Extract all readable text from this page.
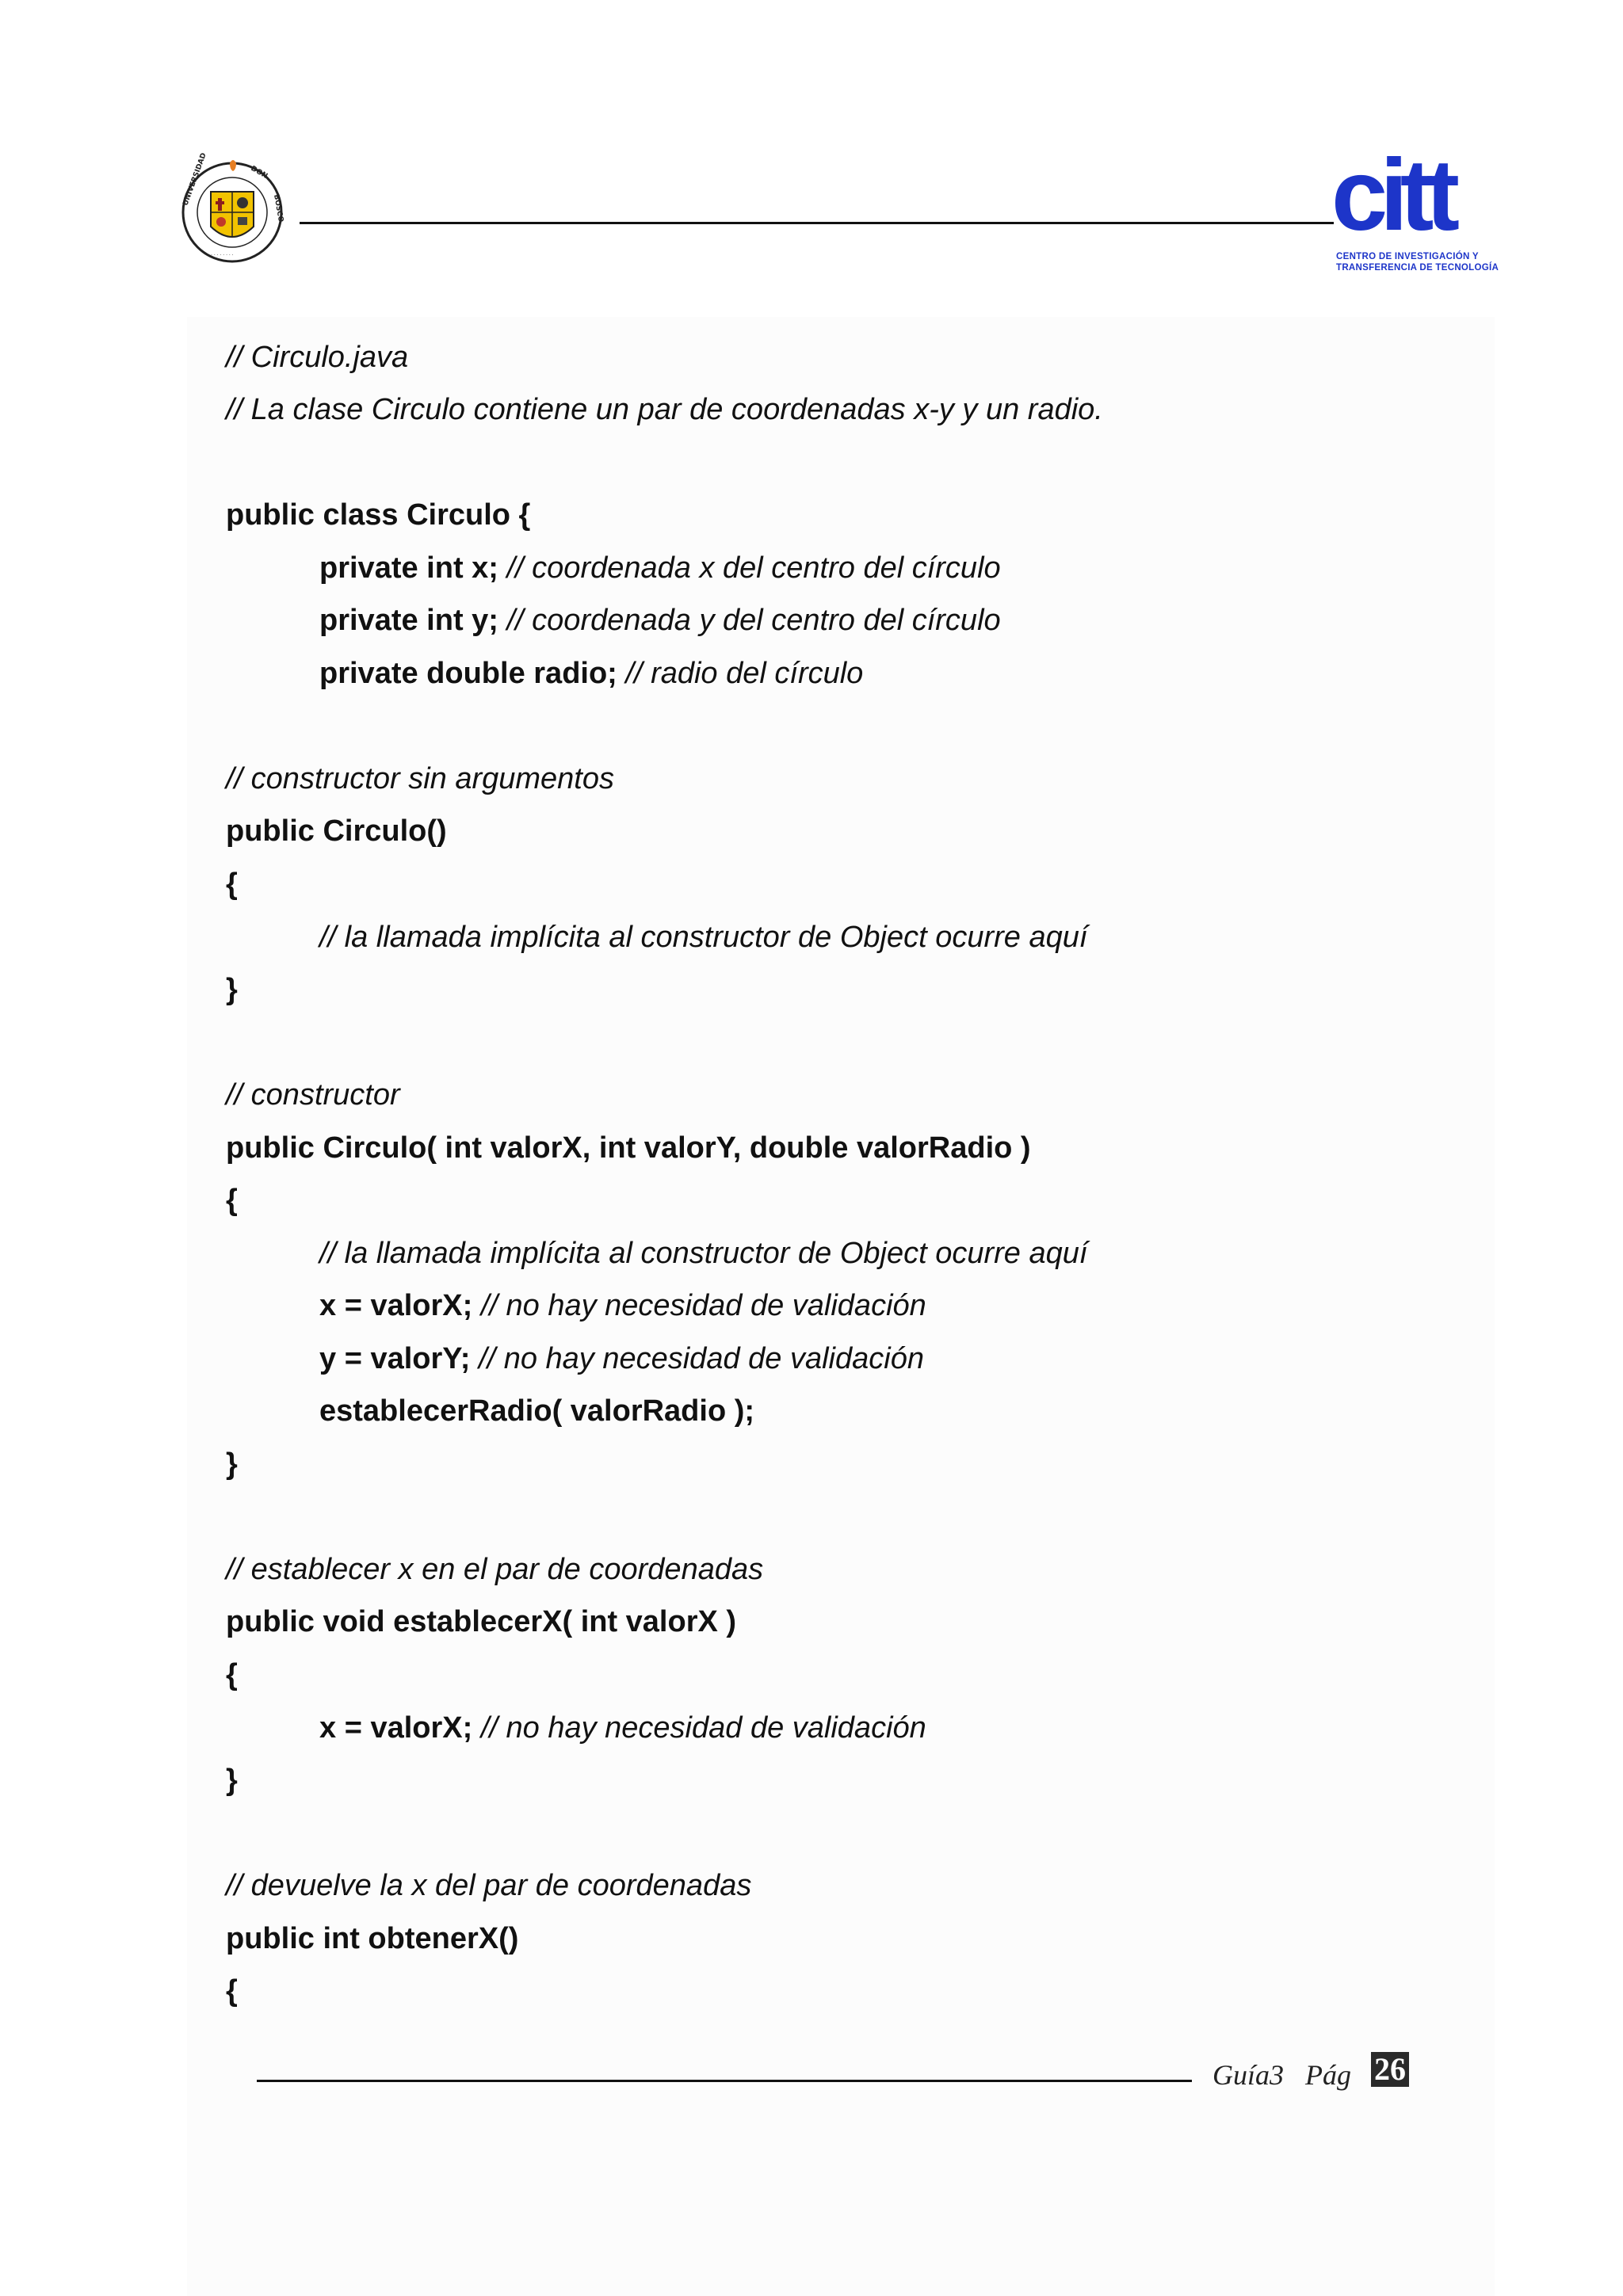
UNIVERSIDAD	DON
BOSCO
· · · · · · · ·
citt
CENTRO DE INVESTIGACIÓN Y
TRANSFERENCIA DE TECNOLOGÍA
// Circulo.java
// La clase Circulo contiene un par de coordenadas x-y y un radio.
public class Circulo {
private int x; // coordenada x del centro del círculo
private int y; // coordenada y del centro del círculo
private double radio; // radio del círculo
// constructor sin argumentos
public Circulo()
{
// la llamada implícita al constructor de Object ocurre aquí
}
// constructor
public Circulo( int valorX, int valorY, double valorRadio )
{
// la llamada implícita al constructor de Object ocurre aquí
x = valorX; // no hay necesidad de validación
y = valorY; // no hay necesidad de validación
establecerRadio( valorRadio );
}
// establecer x en el par de coordenadas
public void establecerX( int valorX )
{
x = valorX; // no hay necesidad de validación
}
// devuelve la x del par de coordenadas
public int obtenerX()
{
Guía3 Pág 26
